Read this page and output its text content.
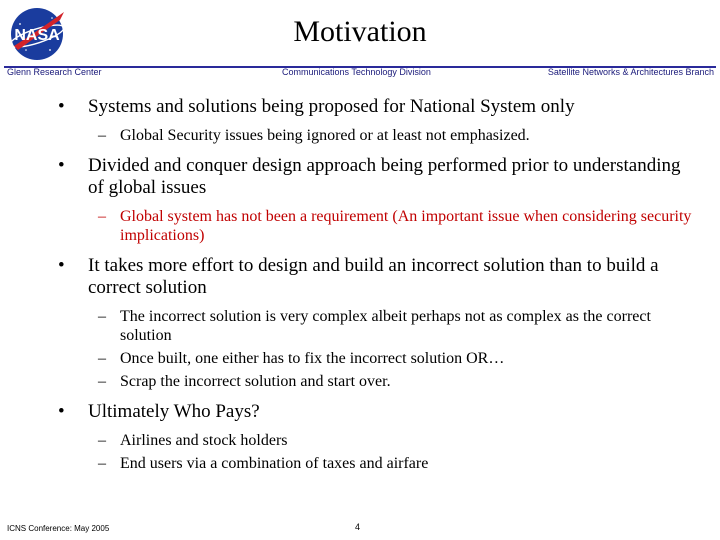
NASA	Motivation
Glenn Research Center	Communications Technology Division	Satellite Networks & Architectures Branch
• Systems and solutions being proposed for National System only
– Global Security issues being ignored or at least not emphasized.
• Divided and conquer design approach being performed prior to understanding of global issues
– Global system has not been a requirement (An important issue when considering security implications)
• It takes more effort to design and build an incorrect solution than to build a correct solution
– The incorrect solution is very complex albeit perhaps not as complex as the correct solution
– Once built, one either has to fix the incorrect solution OR…
– Scrap the incorrect solution and start over.
• Ultimately Who Pays?
– Airlines and stock holders
– End users via a combination of taxes and airfare
ICNS Conference: May 2005	4
